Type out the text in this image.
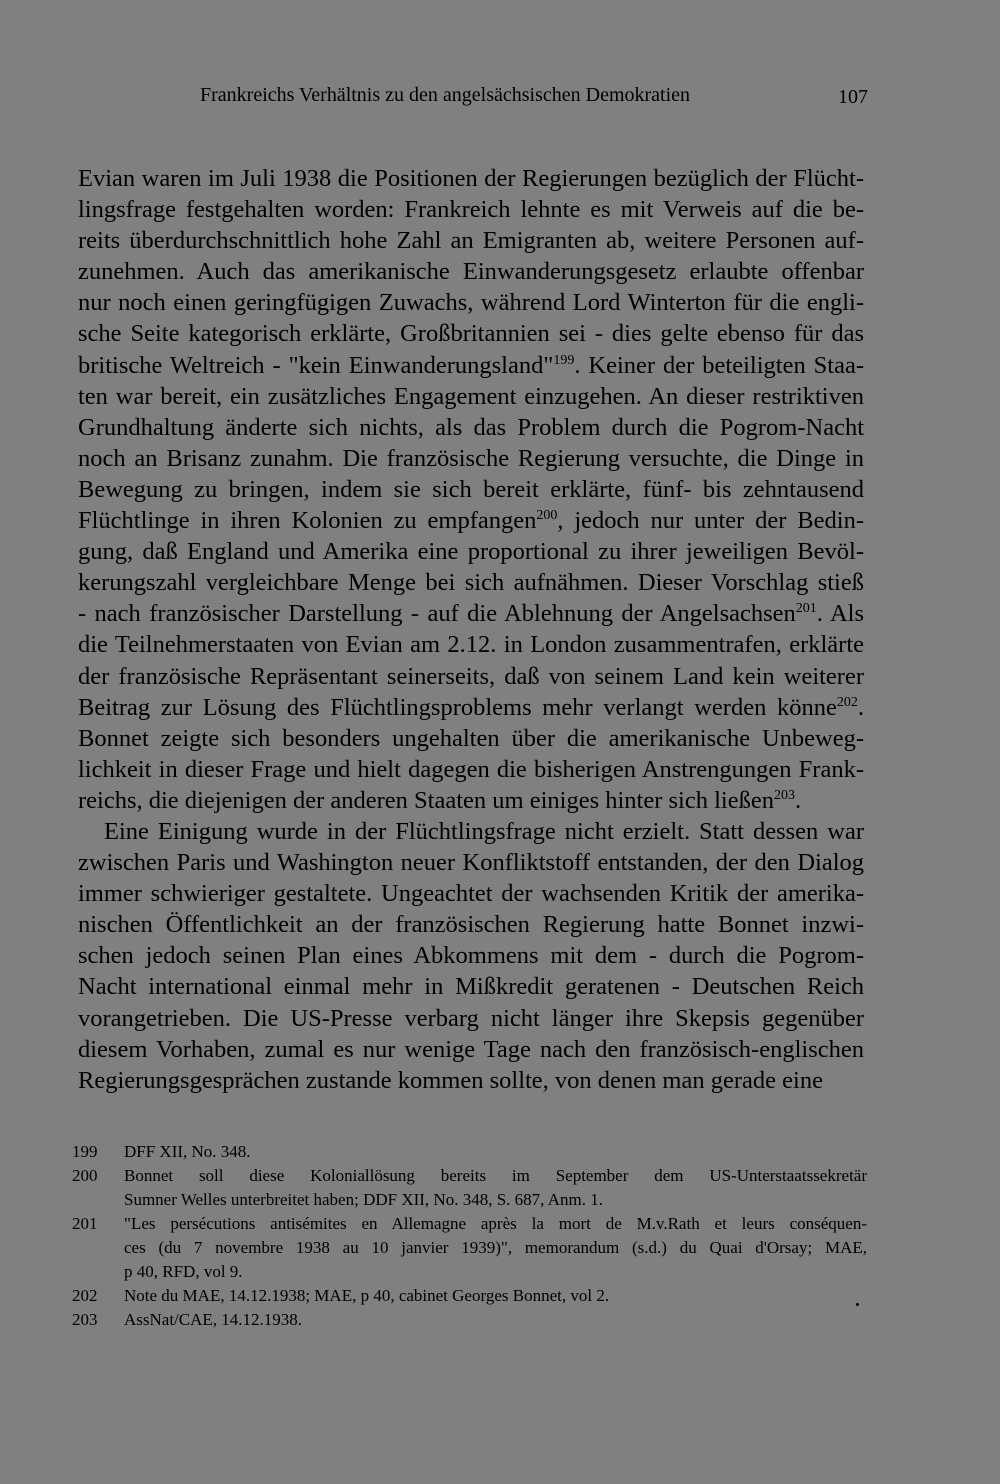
Frankreichs Verhältnis zu den angelsächsischen Demokratien	107
Evian waren im Juli 1938 die Positionen der Regierungen bezüglich der Flücht-
lingsfrage festgehalten worden: Frankreich lehnte es mit Verweis auf die be-
reits überdurchschnittlich hohe Zahl an Emigranten ab, weitere Personen auf-
zunehmen. Auch das amerikanische Einwanderungsgesetz erlaubte offenbar
nur noch einen geringfügigen Zuwachs, während Lord Winterton für die engli-
sche Seite kategorisch erklärte, Großbritannien sei - dies gelte ebenso für das
britische Weltreich - "kein Einwanderungsland"$^{199}$. Keiner der beteiligten Staa-
ten war bereit, ein zusätzliches Engagement einzugehen. An dieser restriktiven
Grundhaltung änderte sich nichts, als das Problem durch die Pogrom-Nacht
noch an Brisanz zunahm. Die französische Regierung versuchte, die Dinge in
Bewegung zu bringen, indem sie sich bereit erklärte, fünf- bis zehntausend
Flüchtlinge in ihren Kolonien zu empfangen$^{200}$, jedoch nur unter der Bedin-
gung, daß England und Amerika eine proportional zu ihrer jeweiligen Bevöl-
kerungszahl vergleichbare Menge bei sich aufnähmen. Dieser Vorschlag stieß
- nach französischer Darstellung - auf die Ablehnung der Angelsachsen$^{201}$. Als
die Teilnehmerstaaten von Evian am 2.12. in London zusammentrafen, erklärte
der französische Repräsentant seinerseits, daß von seinem Land kein weiterer
Beitrag zur Lösung des Flüchtlingsproblems mehr verlangt werden könne$^{202}$.
Bonnet zeigte sich besonders ungehalten über die amerikanische Unbeweg-
lichkeit in dieser Frage und hielt dagegen die bisherigen Anstrengungen Frank-
reichs, die diejenigen der anderen Staaten um einiges hinter sich ließen$^{203}$.
Eine Einigung wurde in der Flüchtlingsfrage nicht erzielt. Statt dessen war
zwischen Paris und Washington neuer Konfliktstoff entstanden, der den Dialog
immer schwieriger gestaltete. Ungeachtet der wachsenden Kritik der amerika-
nischen Öffentlichkeit an der französischen Regierung hatte Bonnet inzwi-
schen jedoch seinen Plan eines Abkommens mit dem - durch die Pogrom-
Nacht international einmal mehr in Mißkredit geratenen - Deutschen Reich
vorangetrieben. Die US-Presse verbarg nicht länger ihre Skepsis gegenüber
diesem Vorhaben, zumal es nur wenige Tage nach den französisch-englischen
Regierungsgesprächen zustande kommen sollte, von denen man gerade eine
199	DFF XII, No. 348.
200	Bonnet soll diese Koloniallösung bereits im September dem US-Unterstaatssekretär
Sumner Welles unterbreitet haben; DDF XII, No. 348, S. 687, Anm. 1.
201	"Les persécutions antisémites en Allemagne après la mort de M.v.Rath et leurs conséquen-
ces (du 7 novembre 1938 au 10 janvier 1939)", memorandum (s.d.) du Quai d'Orsay; MAE,
p 40, RFD, vol 9.
202	Note du MAE, 14.12.1938; MAE, p 40, cabinet Georges Bonnet, vol 2.
203	AssNat/CAE, 14.12.1938.
